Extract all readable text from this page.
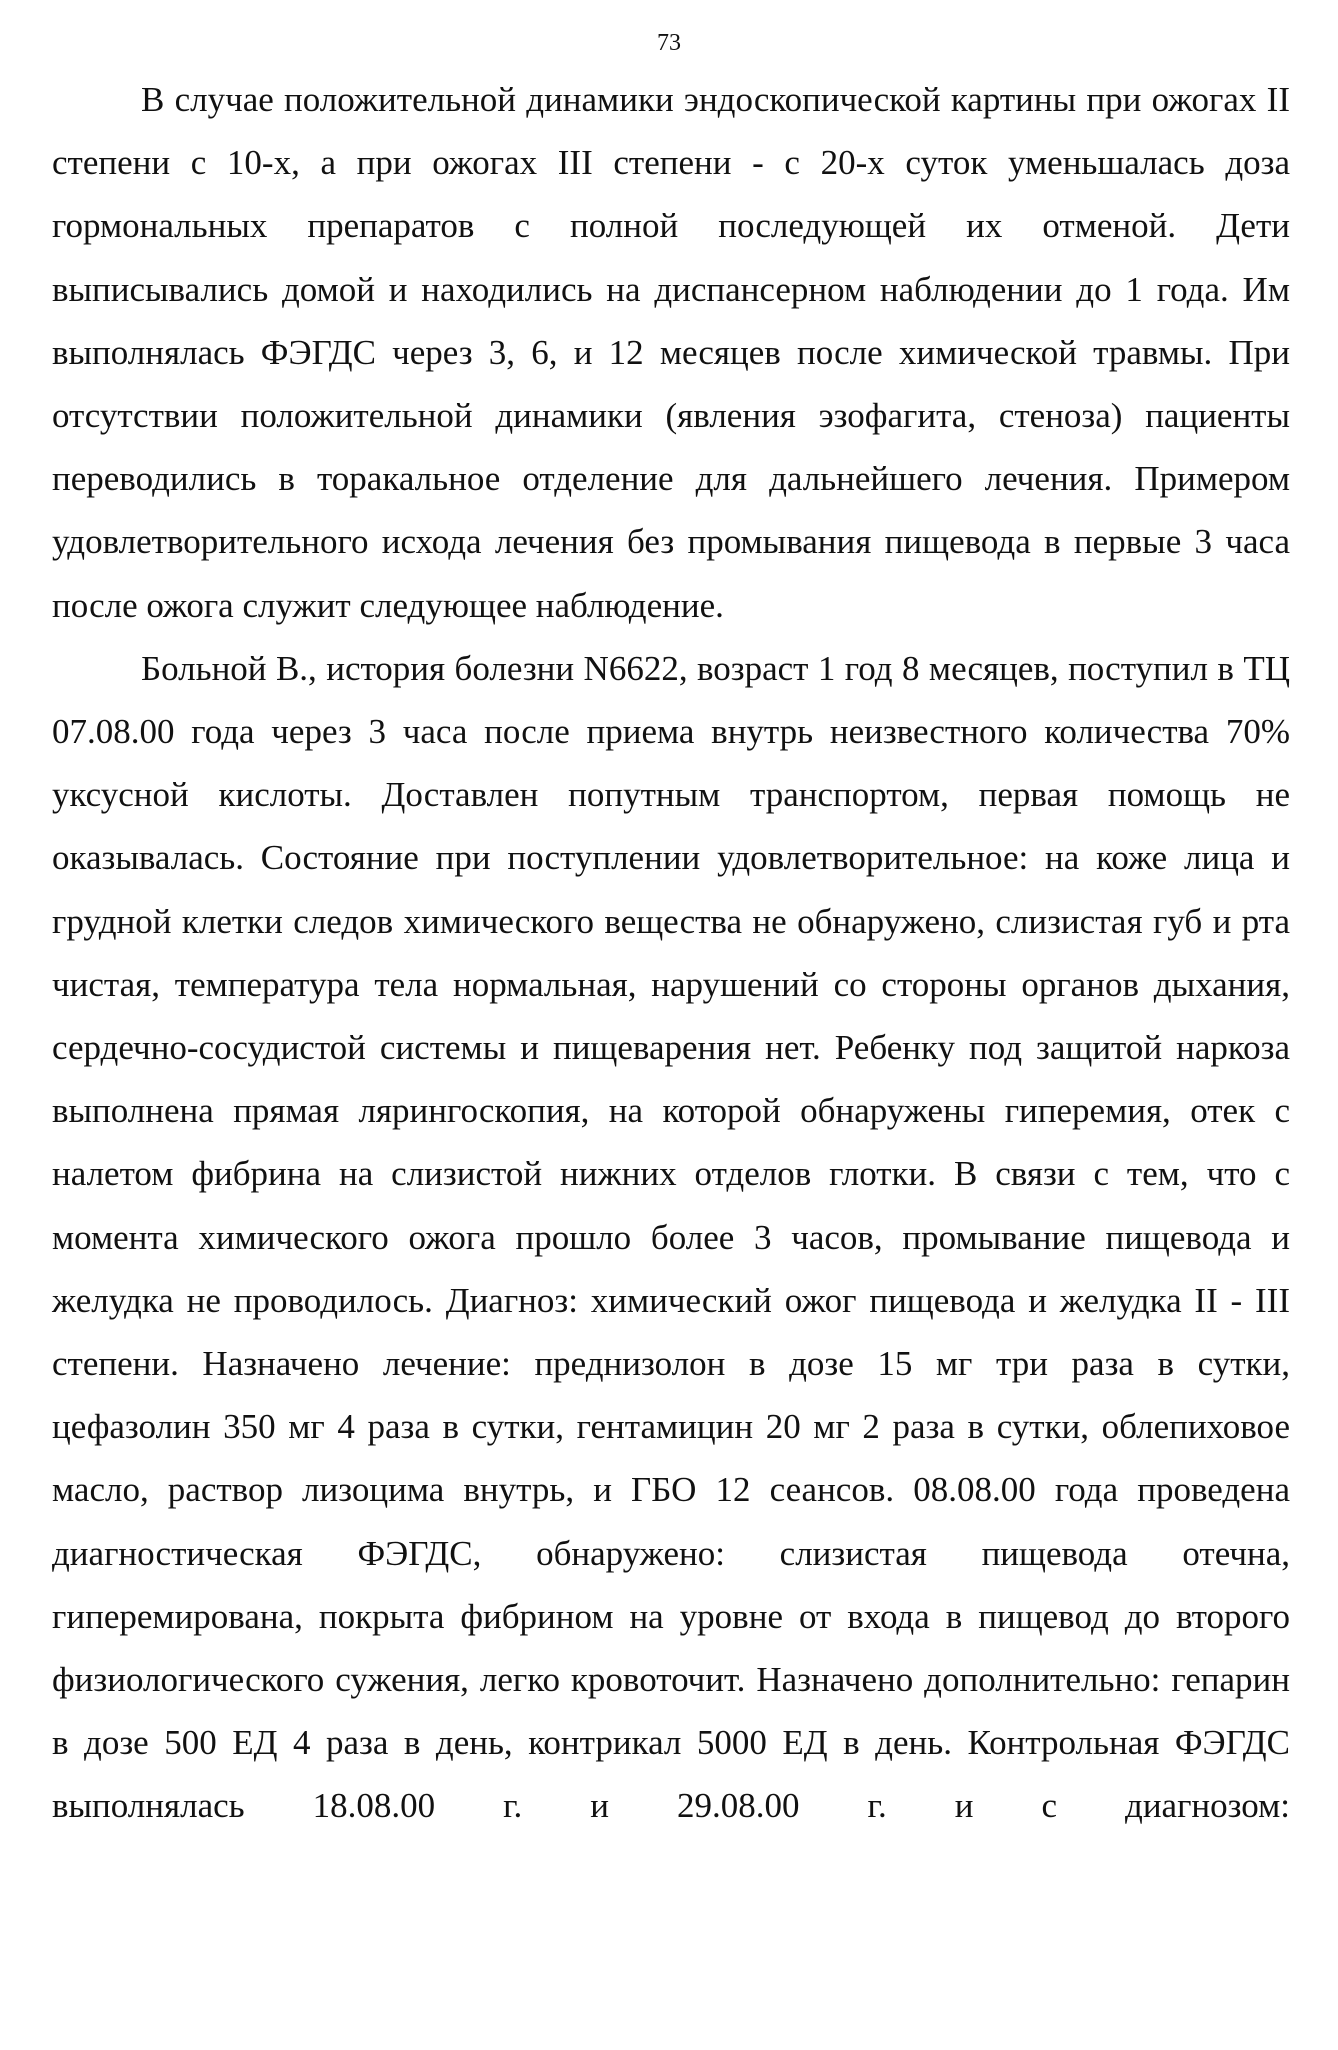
73

В случае положительной динамики эндоскопической картины при ожогах II степени с 10-х, а при ожогах III степени - с 20-х суток уменьшалась доза гормональных препаратов с полной последующей их отменой. Дети выписывались домой и находились на диспансерном наблюдении до 1 года. Им выполнялась ФЭГДС через 3, 6, и 12 месяцев после химической травмы. При отсутствии положительной динамики (явления эзофагита, стеноза) пациенты переводились в торакальное отделение для дальнейшего лечения. Примером удовлетворительного исхода лечения без промывания пищевода в первые 3 часа после ожога служит следующее наблюдение.

Больной В., история болезни N6622, возраст 1 год 8 месяцев, поступил в ТЦ 07.08.00 года через 3 часа после приема внутрь неизвестного количества 70% уксусной кислоты. Доставлен попутным транспортом, первая помощь не оказывалась. Состояние при поступлении удовлетворительное: на коже лица и грудной клетки следов химического вещества не обнаружено, слизистая губ и рта чистая, температура тела нормальная, нарушений со стороны органов дыхания, сердечно-сосудистой системы и пищеварения нет. Ребенку под защитой наркоза выполнена прямая лярингоскопия, на которой обнаружены гиперемия, отек с налетом фибрина на слизистой нижних отделов глотки. В связи с тем, что с момента химического ожога прошло более 3 часов, промывание пищевода и желудка не проводилось. Диагноз: химический ожог пищевода и желудка II - III степени. Назначено лечение: преднизолон в дозе 15 мг три раза в сутки, цефазолин 350 мг 4 раза в сутки, гентамицин 20 мг 2 раза в сутки, облепиховое масло, раствор лизоцима внутрь, и ГБО 12 сеансов. 08.08.00 года проведена диагностическая ФЭГДС, обнаружено: слизистая пищевода отечна, гиперемирована, покрыта фибрином на уровне от входа в пищевод до второго физиологического сужения, легко кровоточит. Назначено дополнительно: гепарин в дозе 500 ЕД 4 раза в день, контрикал 5000 ЕД в день. Контрольная ФЭГДС выполнялась 18.08.00 г. и 29.08.00 г. и с диагнозом:
